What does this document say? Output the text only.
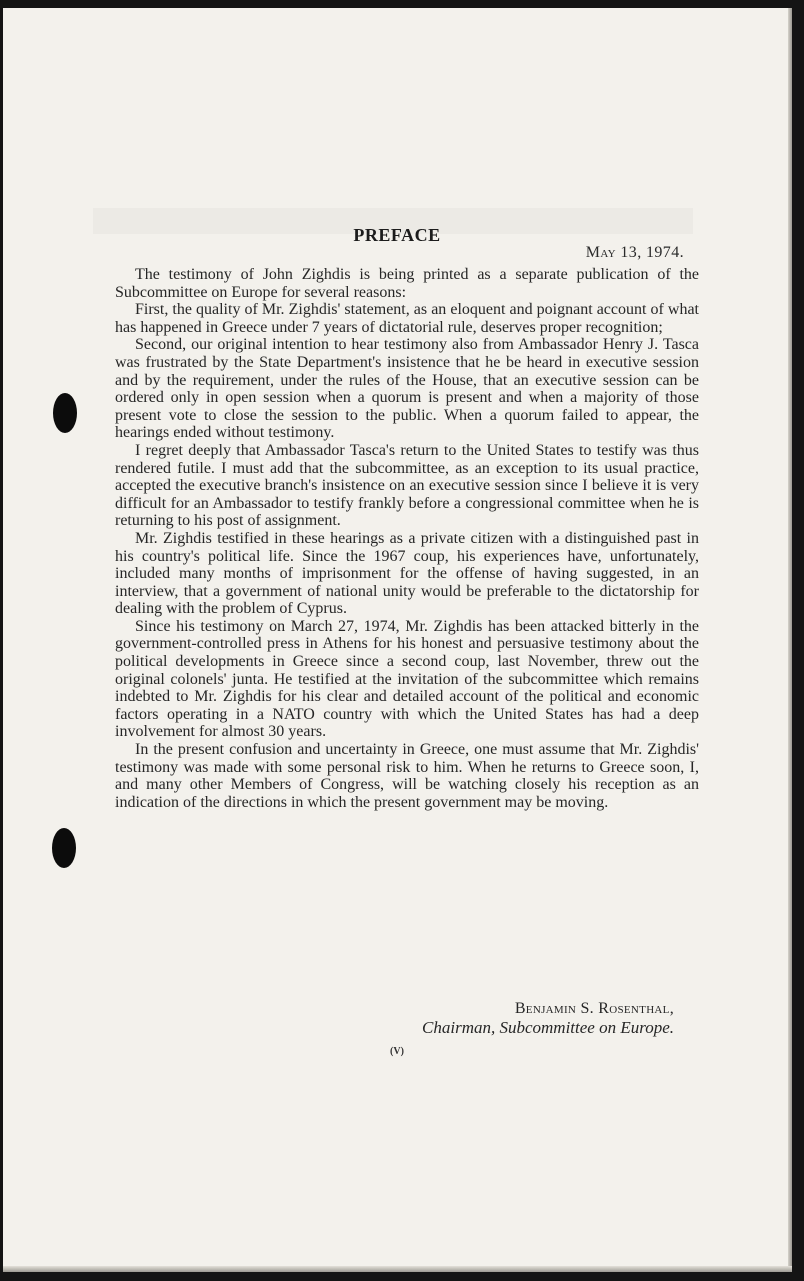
PREFACE
May 13, 1974.

The testimony of John Zighdis is being printed as a separate publication of the Subcommittee on Europe for several reasons:

First, the quality of Mr. Zighdis' statement, as an eloquent and poignant account of what has happened in Greece under 7 years of dictatorial rule, deserves proper recognition;

Second, our original intention to hear testimony also from Ambassador Henry J. Tasca was frustrated by the State Department's insistence that he be heard in executive session and by the requirement, under the rules of the House, that an executive session can be ordered only in open session when a quorum is present and when a majority of those present vote to close the session to the public. When a quorum failed to appear, the hearings ended without testimony.

I regret deeply that Ambassador Tasca's return to the United States to testify was thus rendered futile. I must add that the subcommittee, as an exception to its usual practice, accepted the executive branch's insistence on an executive session since I believe it is very difficult for an Ambassador to testify frankly before a congressional committee when he is returning to his post of assignment.

Mr. Zighdis testified in these hearings as a private citizen with a distinguished past in his country's political life. Since the 1967 coup, his experiences have, unfortunately, included many months of imprisonment for the offense of having suggested, in an interview, that a government of national unity would be preferable to the dictatorship for dealing with the problem of Cyprus.

Since his testimony on March 27, 1974, Mr. Zighdis has been attacked bitterly in the government-controlled press in Athens for his honest and persuasive testimony about the political developments in Greece since a second coup, last November, threw out the original colonels' junta. He testified at the invitation of the subcommittee which remains indebted to Mr. Zighdis for his clear and detailed account of the political and economic factors operating in a NATO country with which the United States has had a deep involvement for almost 30 years.

In the present confusion and uncertainty in Greece, one must assume that Mr. Zighdis' testimony was made with some personal risk to him. When he returns to Greece soon, I, and many other Members of Congress, will be watching closely his reception as an indication of the directions in which the present government may be moving.

Benjamin S. Rosenthal,
Chairman, Subcommittee on Europe.
(V)
